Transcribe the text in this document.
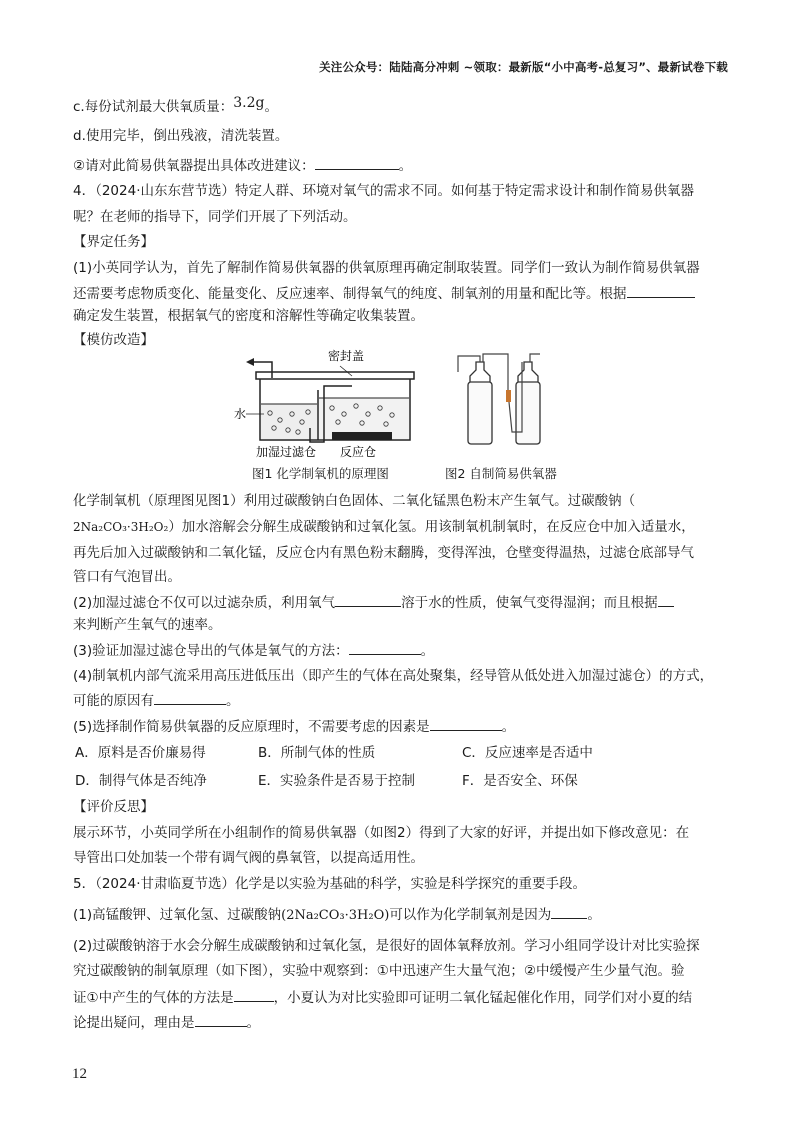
关注公众号：陆陆高分冲刺 ~领取：最新版“小中高考-总复习”、最新试卷下载
c.每份试剂最大供氧质量：3.2g。
d.使用完毕，倒出残液，清洗装置。
②请对此简易供氧器提出具体改进建议：	。
4．（2024·山东东营节选）特定人群、环境对氧气的需求不同。如何基于特定需求设计和制作简易供氧器
呢？在老师的指导下，同学们开展了下列活动。
【界定任务】
(1)小英同学认为，首先了解制作简易供氧器的供氧原理再确定制取装置。同学们一致认为制作简易供氧器
还需要考虑物质变化、能量变化、反应速率、制得氧气的纯度、制氧剂的用量和配比等。根据
确定发生装置，根据氧气的密度和溶解性等确定收集装置。
【模仿改造】
密封盖
水
加湿过滤仓 反应仓
图1 化学制氧机的原理图	图2 自制简易供氧器
化学制氧机（原理图见图1）利用过碳酸钠白色固体、二氧化锰黑色粉末产生氧气。过碳酸钠（
2Na₂CO₃·3H₂O₂）加水溶解会分解生成碳酸钠和过氧化氢。用该制氧机制氧时，在反应仓中加入适量水，
再先后加入过碳酸钠和二氧化锰，反应仓内有黑色粉末翻腾，变得浑浊，仓壁变得温热，过滤仓底部导气
管口有气泡冒出。
(2)加湿过滤仓不仅可以过滤杂质，利用氧气	溶于水的性质，使氧气变得湿润；而且根据
来判断产生氧气的速率。
(3)验证加湿过滤仓导出的气体是氧气的方法：	。
(4)制氧机内部气流采用高压进低压出（即产生的气体在高处聚集，经导管从低处进入加湿过滤仓）的方式，
可能的原因有	。
(5)选择制作简易供氧器的反应原理时，不需要考虑的因素是	。
A．原料是否价廉易得	B．所制气体的性质	C．反应速率是否适中
D．制得气体是否纯净	E．实验条件是否易于控制	F．是否安全、环保
【评价反思】
展示环节，小英同学所在小组制作的简易供氧器（如图2）得到了大家的好评，并提出如下修改意见：在
导管出口处加装一个带有调气阀的鼻氧管，以提高适用性。
5．（2024·甘肃临夏节选）化学是以实验为基础的科学，实验是科学探究的重要手段。
(1)高锰酸钾、过氧化氢、过碳酸钠(2Na₂CO₃·3H₂O)可以作为化学制氧剂是因为	。
(2)过碳酸钠溶于水会分解生成碳酸钠和过氧化氢，是很好的固体氧释放剂。学习小组同学设计对比实验探
究过碳酸钠的制氧原理（如下图），实验中观察到：①中迅速产生大量气泡；②中缓慢产生少量气泡。验
证①中产生的气体的方法是	，小夏认为对比实验即可证明二氧化锰起催化作用，同学们对小夏的结
论提出疑问，理由是	。
12
